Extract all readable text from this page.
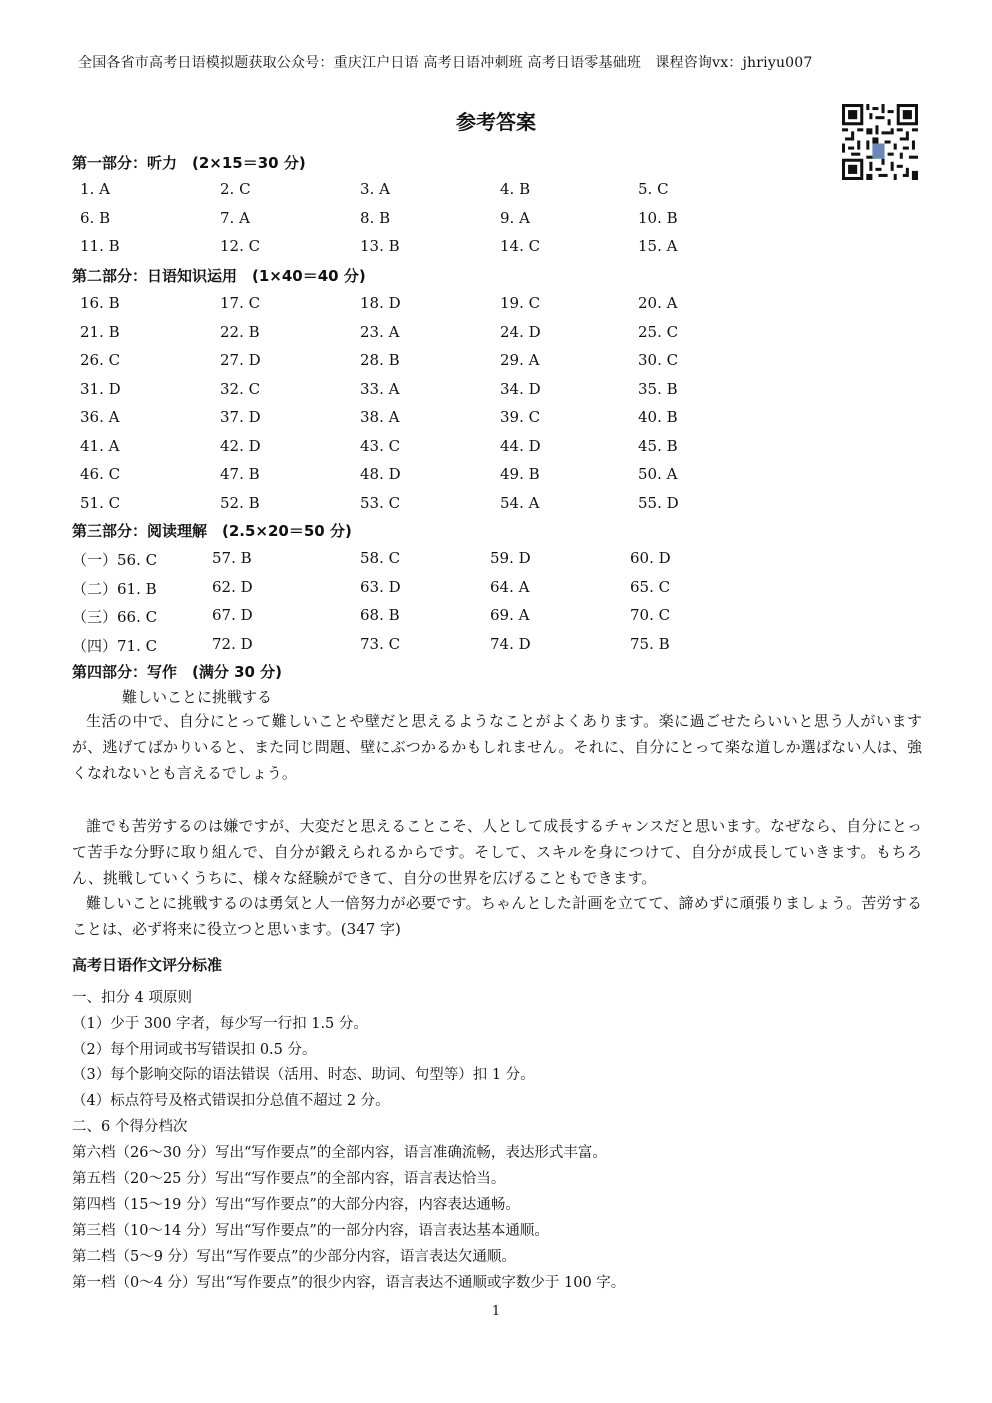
全国各省市高考日语模拟题获取公众号：重庆江户日语 高考日语冲刺班 高考日语零基础班　课程咨询vx：jhriyu007
参考答案
第一部分：听力　(2×15＝30 分)
1. A	2. C	3. A	4. B	5. C
6. B	7. A	8. B	9. A	10. B
11. B	12. C	13. B	14. C	15. A
第二部分：日语知识运用　(1×40＝40 分)
16. B	17. C	18. D	19. C	20. A
21. B	22. B	23. A	24. D	25. C
26. C	27. D	28. B	29. A	30. C
31. D	32. C	33. A	34. D	35. B
36. A	37. D	38. A	39. C	40. B
41. A	42. D	43. C	44. D	45. B
46. C	47. B	48. D	49. B	50. A
51. C	52. B	53. C	54. A	55. D
第三部分：阅读理解　(2.5×20＝50 分)
（一）56. C	57. B	58. C	59. D	60. D
（二）61. B	62. D	63. D	64. A	65. C
（三）66. C	67. D	68. B	69. A	70. C
（四）71. C	72. D	73. C	74. D	75. B
第四部分：写作　(满分 30 分)
難しいことに挑戦する
生活の中で、自分にとって難しいことや壁だと思えるようなことがよくあります。楽に過ごせたらいいと思う人がいますが、逃げてばかりいると、また同じ問題、壁にぶつかるかもしれません。それに、自分にとって楽な道しか選ばない人は、強くなれないとも言えるでしょう。
誰でも苦労するのは嫌ですが、大変だと思えることこそ、人として成長するチャンスだと思います。なぜなら、自分にとって苦手な分野に取り組んで、自分が鍛えられるからです。そして、スキルを身につけて、自分が成長していきます。もちろん、挑戦していくうちに、様々な経験ができて、自分の世界を広げることもできます。
難しいことに挑戦するのは勇気と人一倍努力が必要です。ちゃんとした計画を立てて、諦めずに頑張りましょう。苦労することは、必ず将来に役立つと思います。(347 字)
高考日语作文评分标准
一、扣分 4 项原则
（1）少于 300 字者，每少写一行扣 1.5 分。
（2）每个用词或书写错误扣 0.5 分。
（3）每个影响交际的语法错误（活用、时态、助词、句型等）扣 1 分。
（4）标点符号及格式错误扣分总值不超过 2 分。
二、6 个得分档次
第六档（26～30 分）写出“写作要点”的全部内容，语言准确流畅，表达形式丰富。
第五档（20～25 分）写出“写作要点”的全部内容，语言表达恰当。
第四档（15～19 分）写出“写作要点”的大部分内容，内容表达通畅。
第三档（10～14 分）写出“写作要点”的一部分内容，语言表达基本通顺。
第二档（5～9 分）写出“写作要点”的少部分内容，语言表达欠通顺。
第一档（0～4 分）写出“写作要点”的很少内容，语言表达不通顺或字数少于 100 字。
1
